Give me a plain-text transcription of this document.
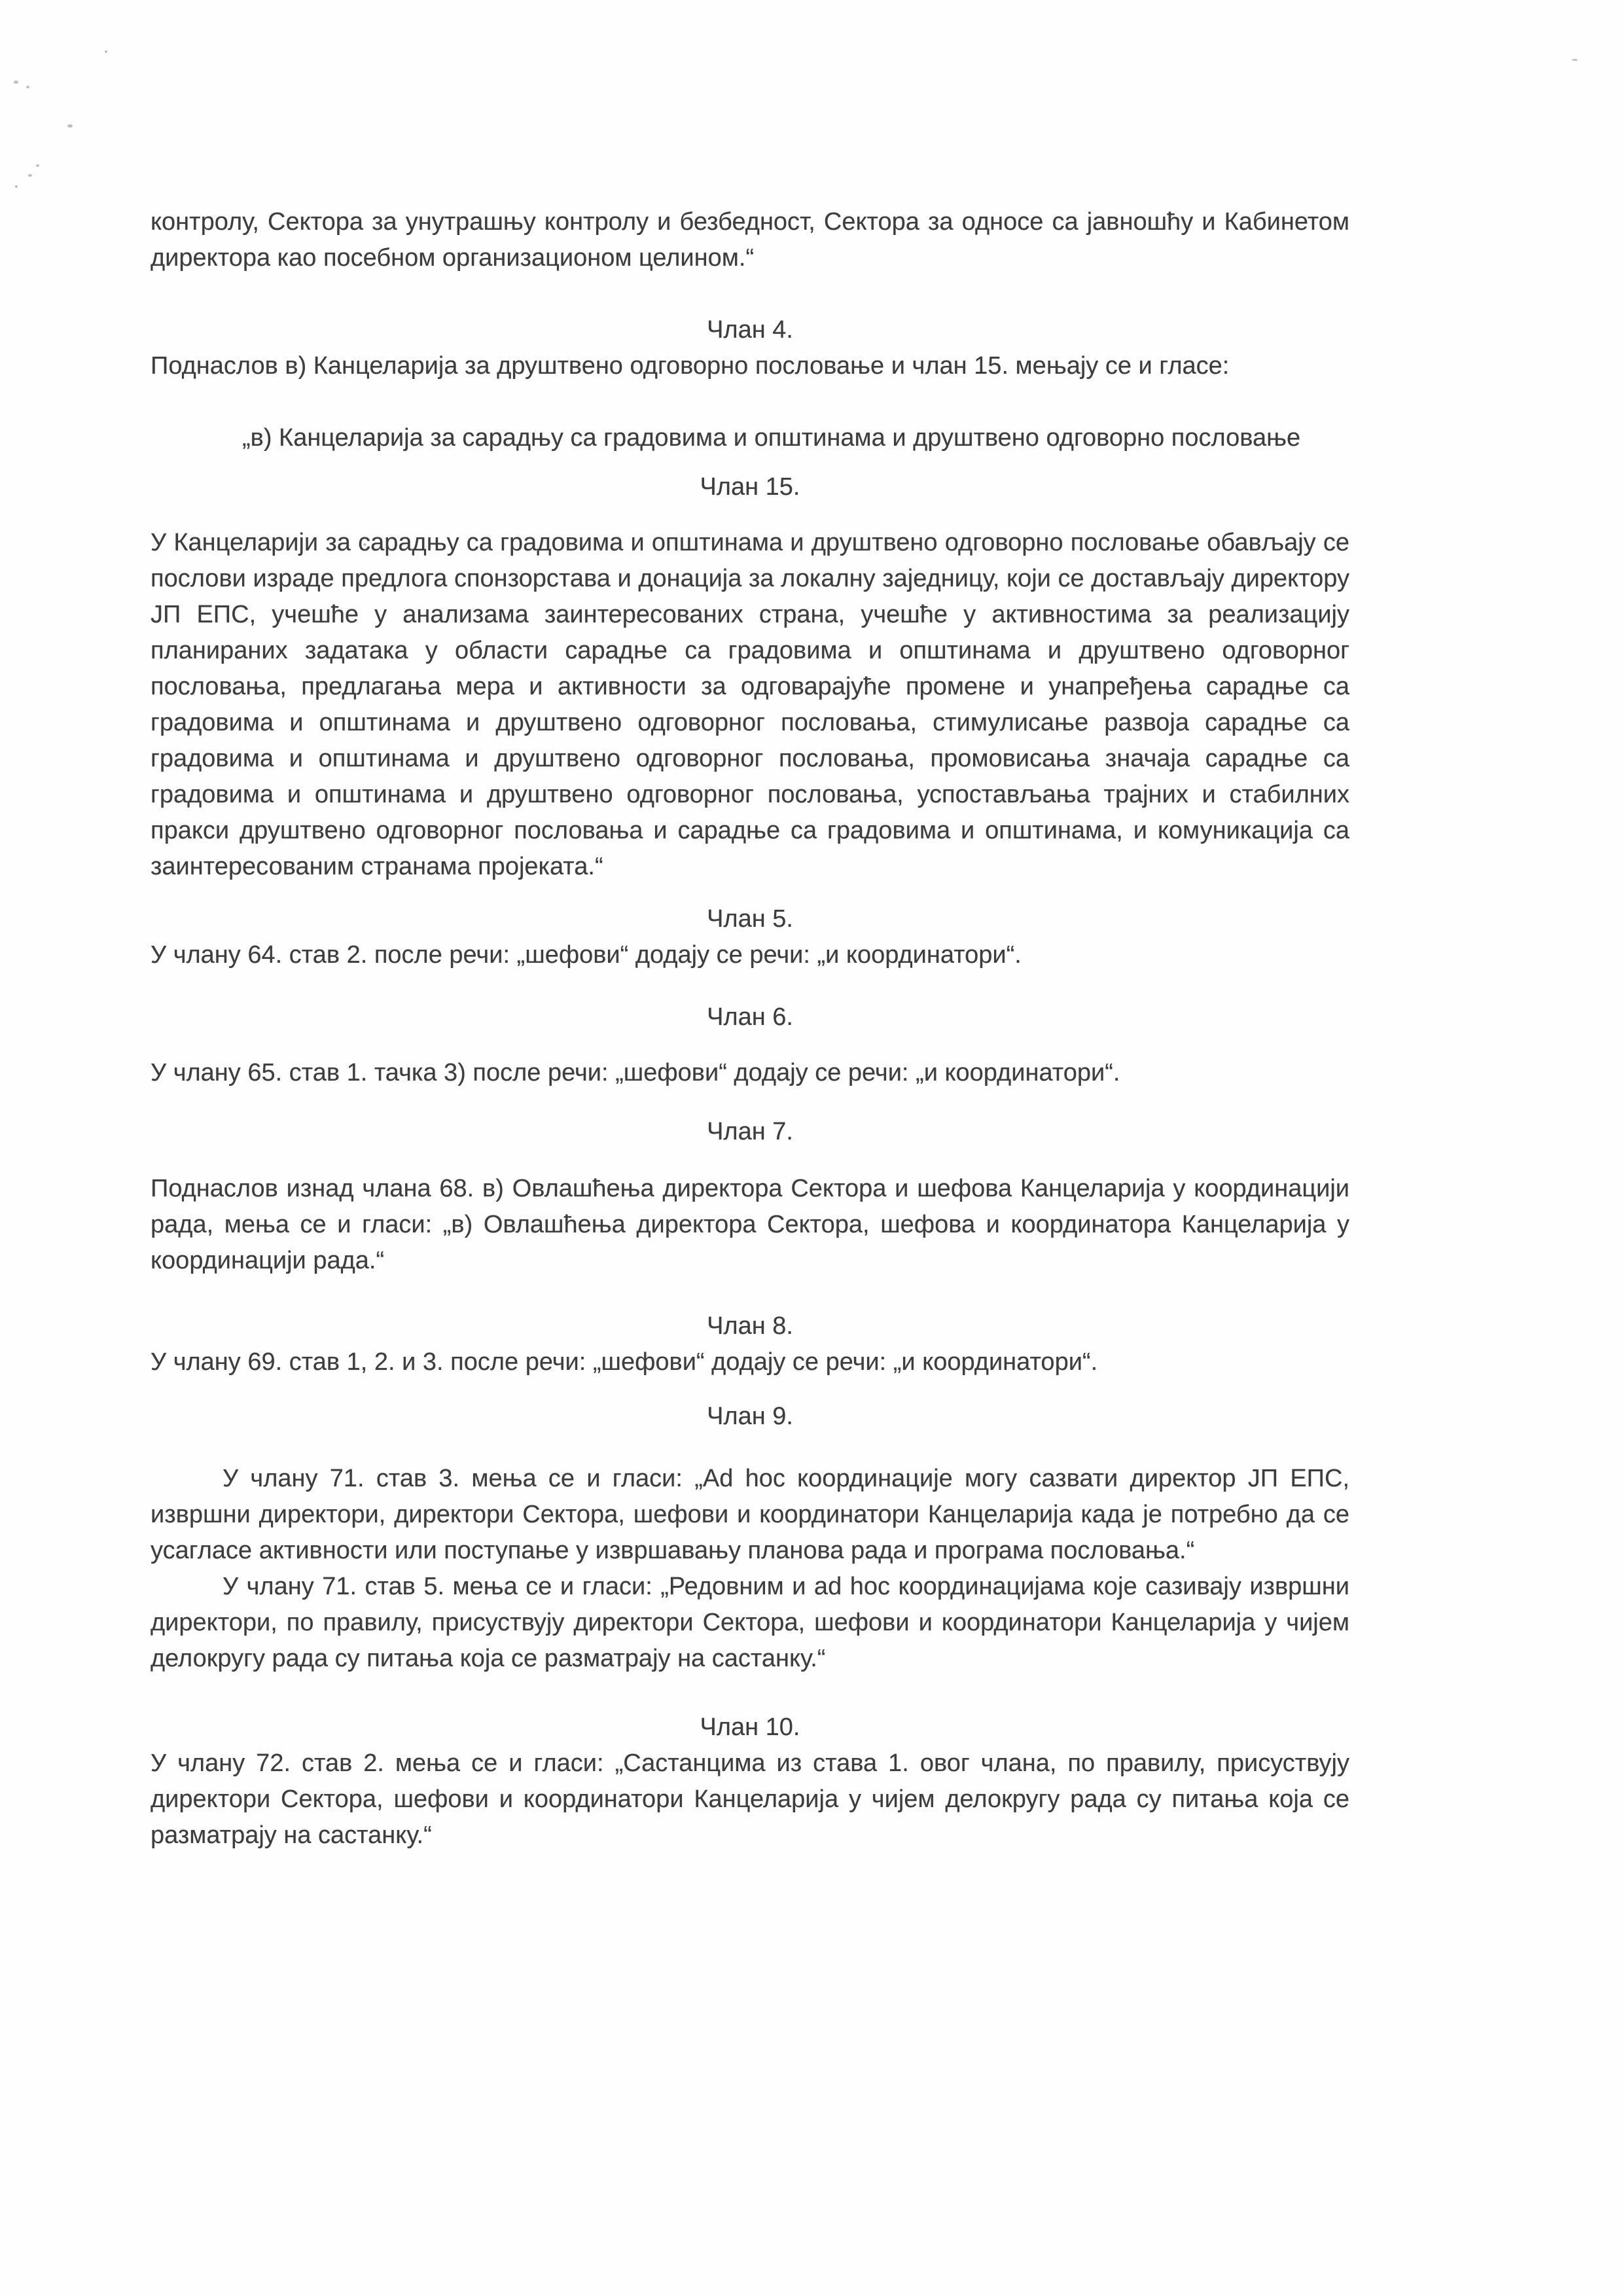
контролу, Сектора за унутрашњу контролу и безбедност, Сектора за односе са јавношћу и Кабинетом директора као посебном организационом целином.“

Члан 4.

Поднаслов в) Канцеларија за друштвено одговорно пословање и члан 15. мењају се и гласе:

„в) Канцеларија за сарадњу са градовима и општинама и друштвено одговорно пословање

Члан 15.

У Канцеларији за сарадњу са градовима и општинама и друштвено одговорно пословање обављају се послови израде предлога спонзорстава и донација за локалну заједницу, који се достављају директору ЈП ЕПС, учешће у анализама заинтересованих страна, учешће у активностима за реализацију планираних задатака у области сарадње са градовима и општинама и друштвено одговорног пословања, предлагања мера и активности за одговарајуће промене и унапређења сарадње са градовима и општинама и друштвено одговорног пословања, стимулисање развоја сарадње са градовима и општинама и друштвено одговорног пословања, промовисања значаја сарадње са градовима и општинама и друштвено одговорног пословања, успостављања трајних и стабилних пракси друштвено одговорног пословања и сарадње са градовима и општинама, и комуникација са заинтересованим странама пројеката.“

Члан 5.

У члану 64. став 2. после речи: „шефови“ додају се речи: „и координатори“.

Члан 6.

У члану 65. став 1. тачка 3) после речи: „шефови“ додају се речи: „и координатори“.

Члан 7.

Поднаслов изнад члана 68. в) Овлашћења директора Сектора и шефова Канцеларија у координацији рада, мења се и гласи: „в) Овлашћења директора Сектора, шефова и координатора Канцеларија у координацији рада.“

Члан 8.

У члану 69. став 1, 2. и 3. после речи: „шефови“ додају се речи: „и координатори“.

Члан 9.

У члану 71. став 3. мења се и гласи: „Ad hoc координације могу сазвати директор ЈП ЕПС, извршни директори, директори Сектора, шефови и координатори Канцеларија када је потребно да се усагласе активности или поступање у извршавању планова рада и програма пословања.“

У члану 71. став 5. мења се и гласи: „Редовним и ad hoc координацијама које сазивају извршни директори, по правилу, присуствују директори Сектора, шефови и координатори Канцеларија у чијем делокругу рада су питања која се разматрају на састанку.“

Члан 10.

У члану 72. став 2. мења се и гласи: „Састанцима из става 1. овог члана, по правилу, присуствују директори Сектора, шефови и координатори Канцеларија у чијем делокругу рада су питања која се разматрају на састанку.“
